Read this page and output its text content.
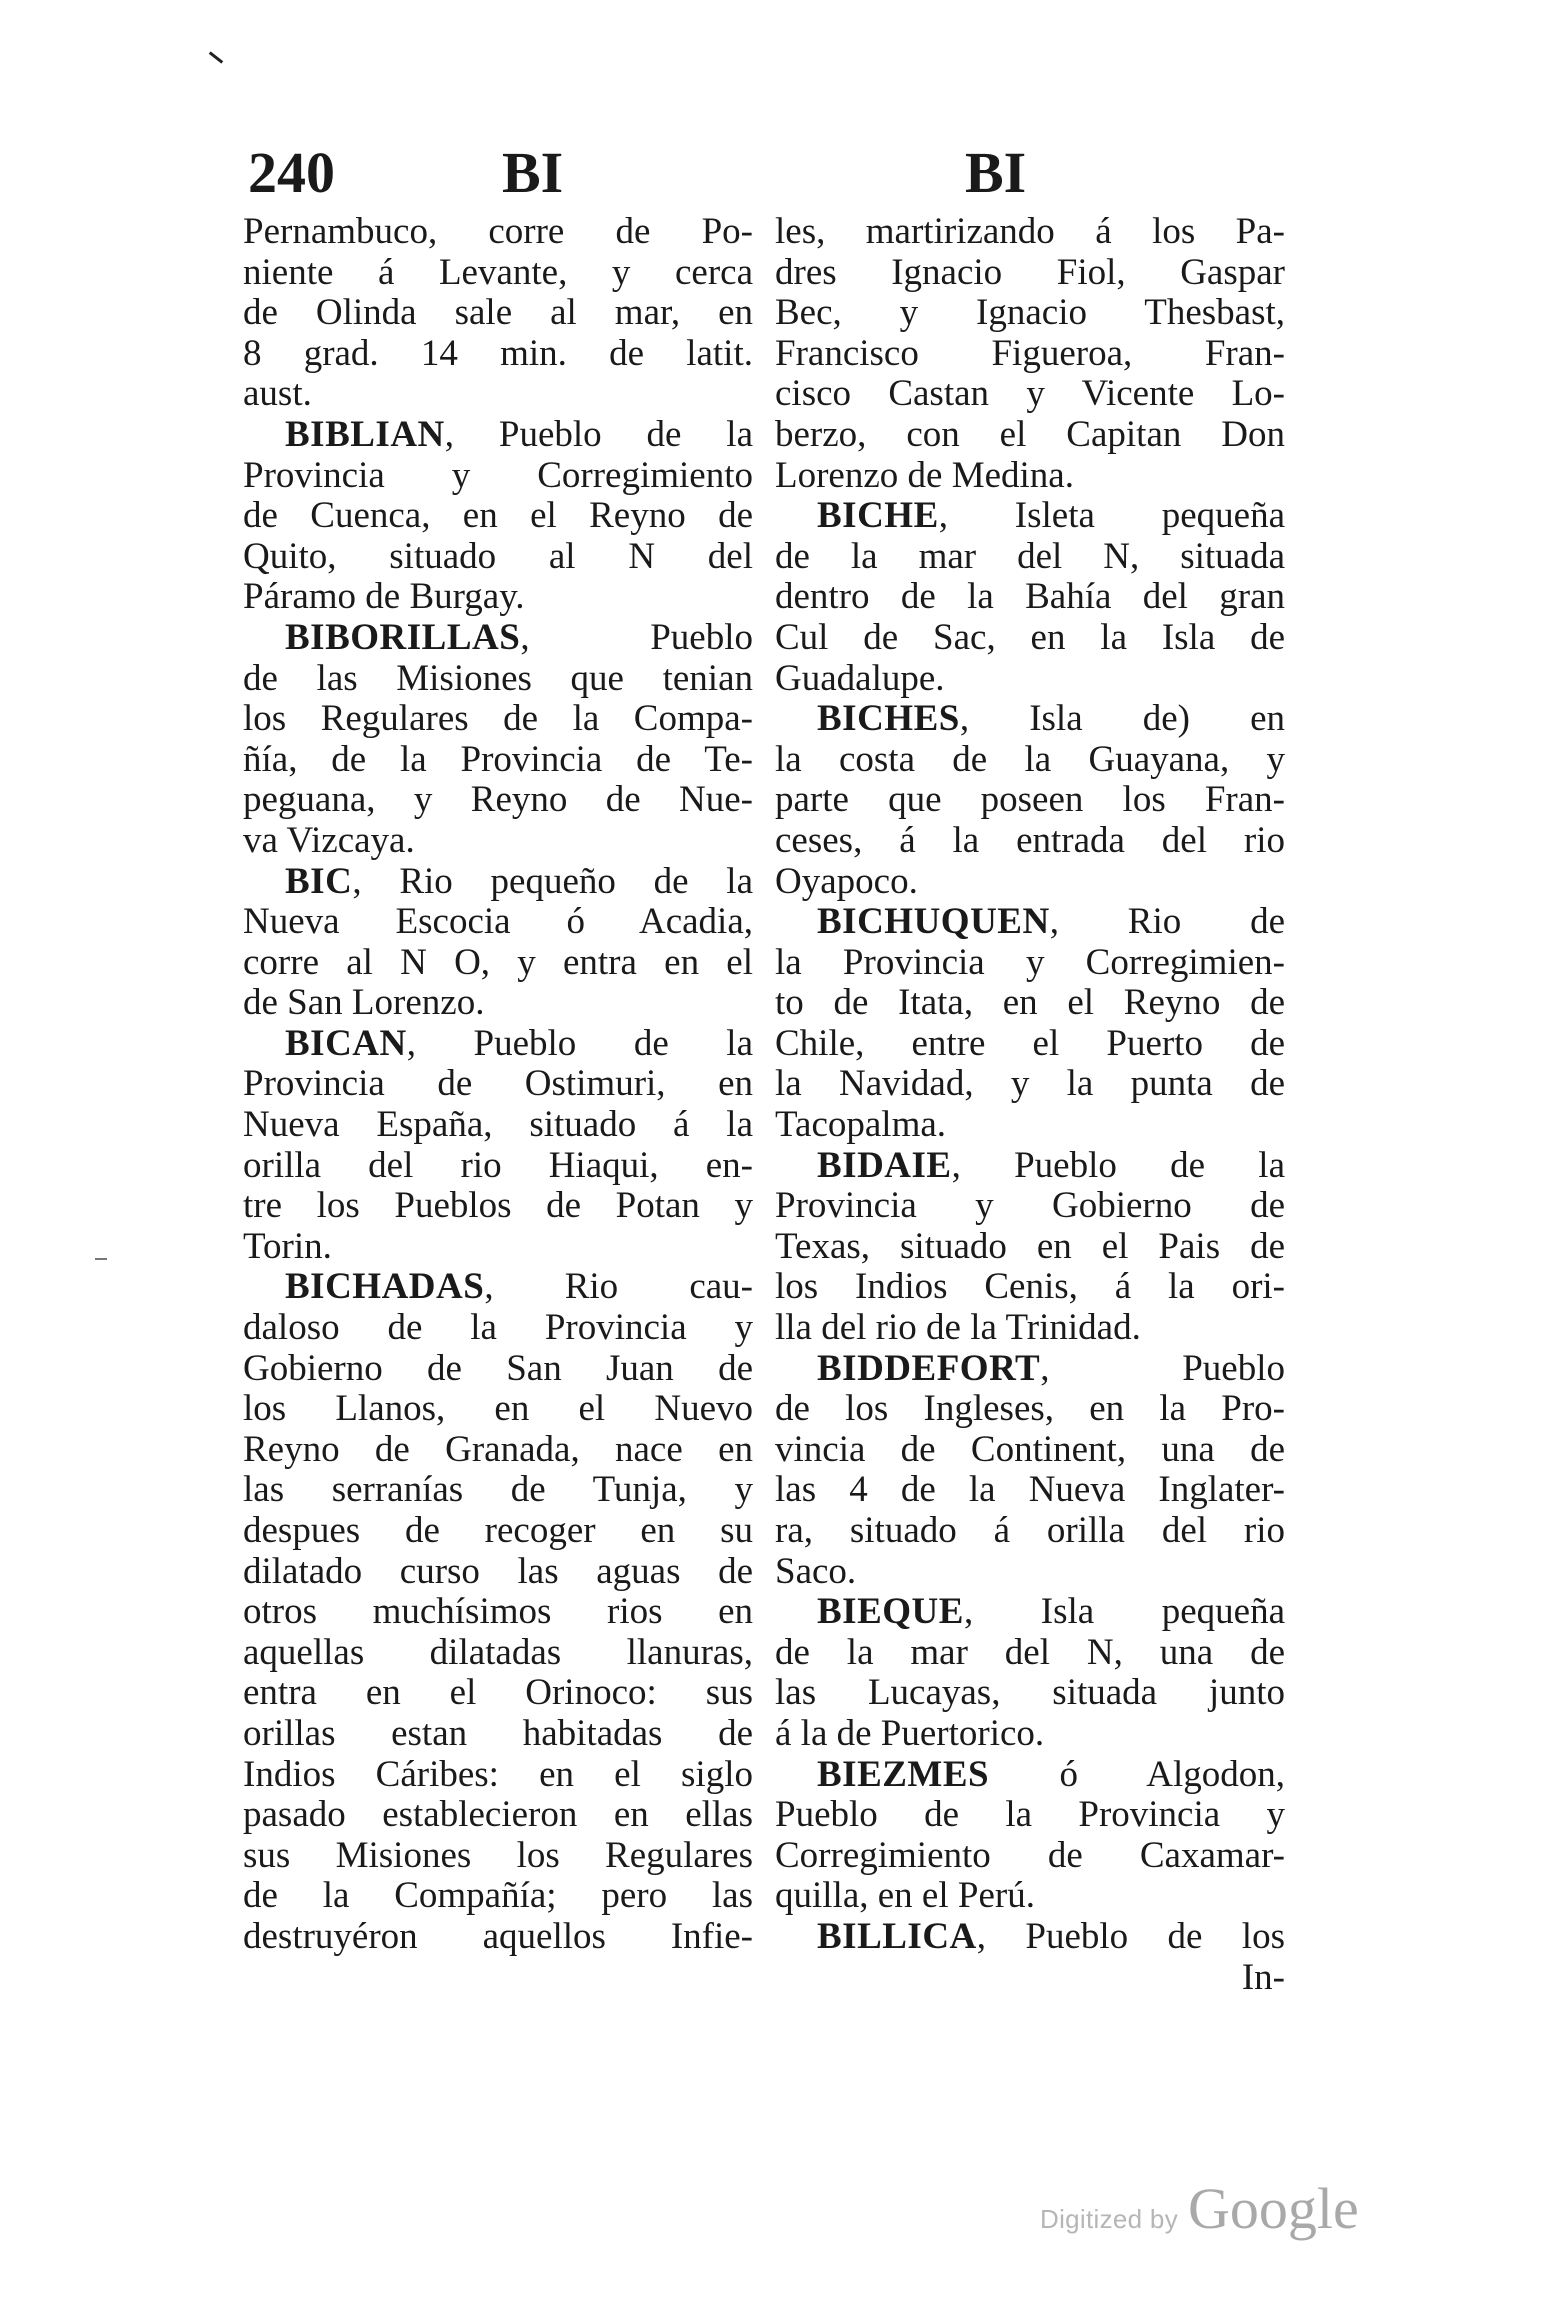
240	BI	BI
Pernambuco, corre de Po-
niente á Levante, y cerca
de Olinda sale al mar, en
8 grad. 14 min. de latit.
aust.
BIBLIAN, Pueblo de la
Provincia y Corregimiento
de Cuenca, en el Reyno de
Quito, situado al N del
Páramo de Burgay.
BIBORILLAS, Pueblo
de las Misiones que tenian
los Regulares de la Compa-
ñía, de la Provincia de Te-
peguana, y Reyno de Nue-
va Vizcaya.
BIC, Rio pequeño de la
Nueva Escocia ó Acadia,
corre al N O, y entra en el
de San Lorenzo.
BICAN, Pueblo de la
Provincia de Ostimuri, en
Nueva España, situado á la
orilla del rio Hiaqui, en-
tre los Pueblos de Potan y
Torin.
BICHADAS, Rio cau-
daloso de la Provincia y
Gobierno de San Juan de
los Llanos, en el Nuevo
Reyno de Granada, nace en
las serranías de Tunja, y
despues de recoger en su
dilatado curso las aguas de
otros muchísimos rios en
aquellas dilatadas llanuras,
entra en el Orinoco: sus
orillas estan habitadas de
Indios Cáribes: en el siglo
pasado establecieron en ellas
sus Misiones los Regulares
de la Compañía; pero las
destruyéron aquellos Infie-
les, martirizando á los Pa-
dres Ignacio Fiol, Gaspar
Bec, y Ignacio Thesbast,
Francisco Figueroa, Fran-
cisco Castan y Vicente Lo-
berzo, con el Capitan Don
Lorenzo de Medina.
BICHE, Isleta pequeña
de la mar del N, situada
dentro de la Bahía del gran
Cul de Sac, en la Isla de
Guadalupe.
BICHES, Isla de) en
la costa de la Guayana, y
parte que poseen los Fran-
ceses, á la entrada del rio
Oyapoco.
BICHUQUEN, Rio de
la Provincia y Corregimien-
to de Itata, en el Reyno de
Chile, entre el Puerto de
la Navidad, y la punta de
Tacopalma.
BIDAIE, Pueblo de la
Provincia y Gobierno de
Texas, situado en el Pais de
los Indios Cenis, á la ori-
lla del rio de la Trinidad.
BIDDEFORT, Pueblo
de los Ingleses, en la Pro-
vincia de Continent, una de
las 4 de la Nueva Inglater-
ra, situado á orilla del rio
Saco.
BIEQUE, Isla pequeña
de la mar del N, una de
las Lucayas, situada junto
á la de Puertorico.
BIEZMES ó Algodon,
Pueblo de la Provincia y
Corregimiento de Caxamar-
quilla, en el Perú.
BILLICA, Pueblo de los
In-
Digitized by Google
